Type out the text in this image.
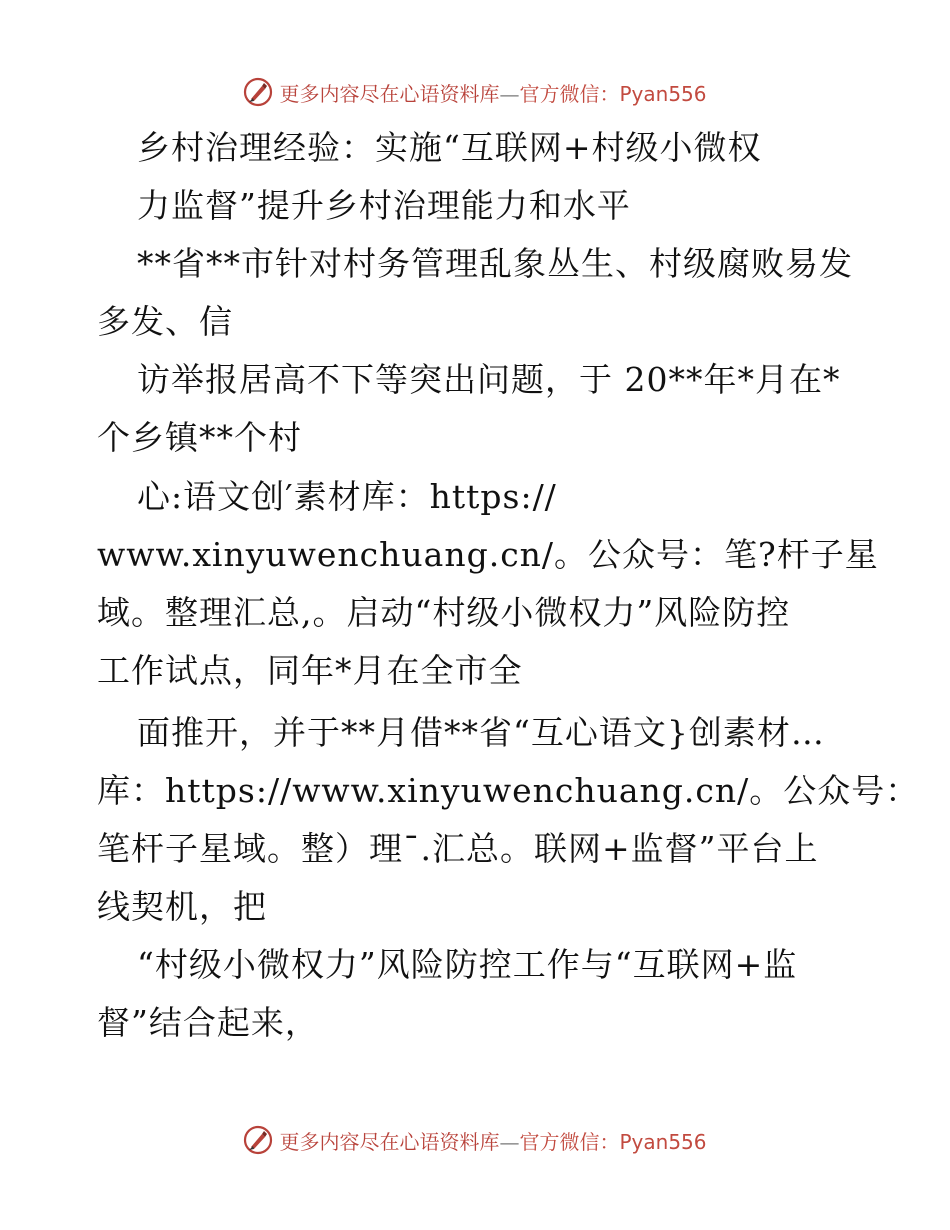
更多内容尽在心语资料库—官方微信：Pyan556
乡村治理经验：实施“互联网+村级小微权
力监督”提升乡村治理能力和水平
**省**市针对村务管理乱象丛生、村级腐败易发
多发、信
访举报居高不下等突出问题，于 20**年*月在*
个乡镇**个村
心:语文创′素材库：https://
www.xinyuwenchuang.cn/。公众号：笔?杆子星
域。整理汇总,。启动“村级小微权力”风险防控
工作试点，同年*月在全市全
面推开，并于**月借**省“互心语文}创素材…
库：https://www.xinyuwenchuang.cn/。公众号：
笔杆子星域。整）理¯.汇总。联网+监督”平台上
线契机，把
“村级小微权力”风险防控工作与“互联网+监
督”结合起来，
更多内容尽在心语资料库—官方微信：Pyan556
